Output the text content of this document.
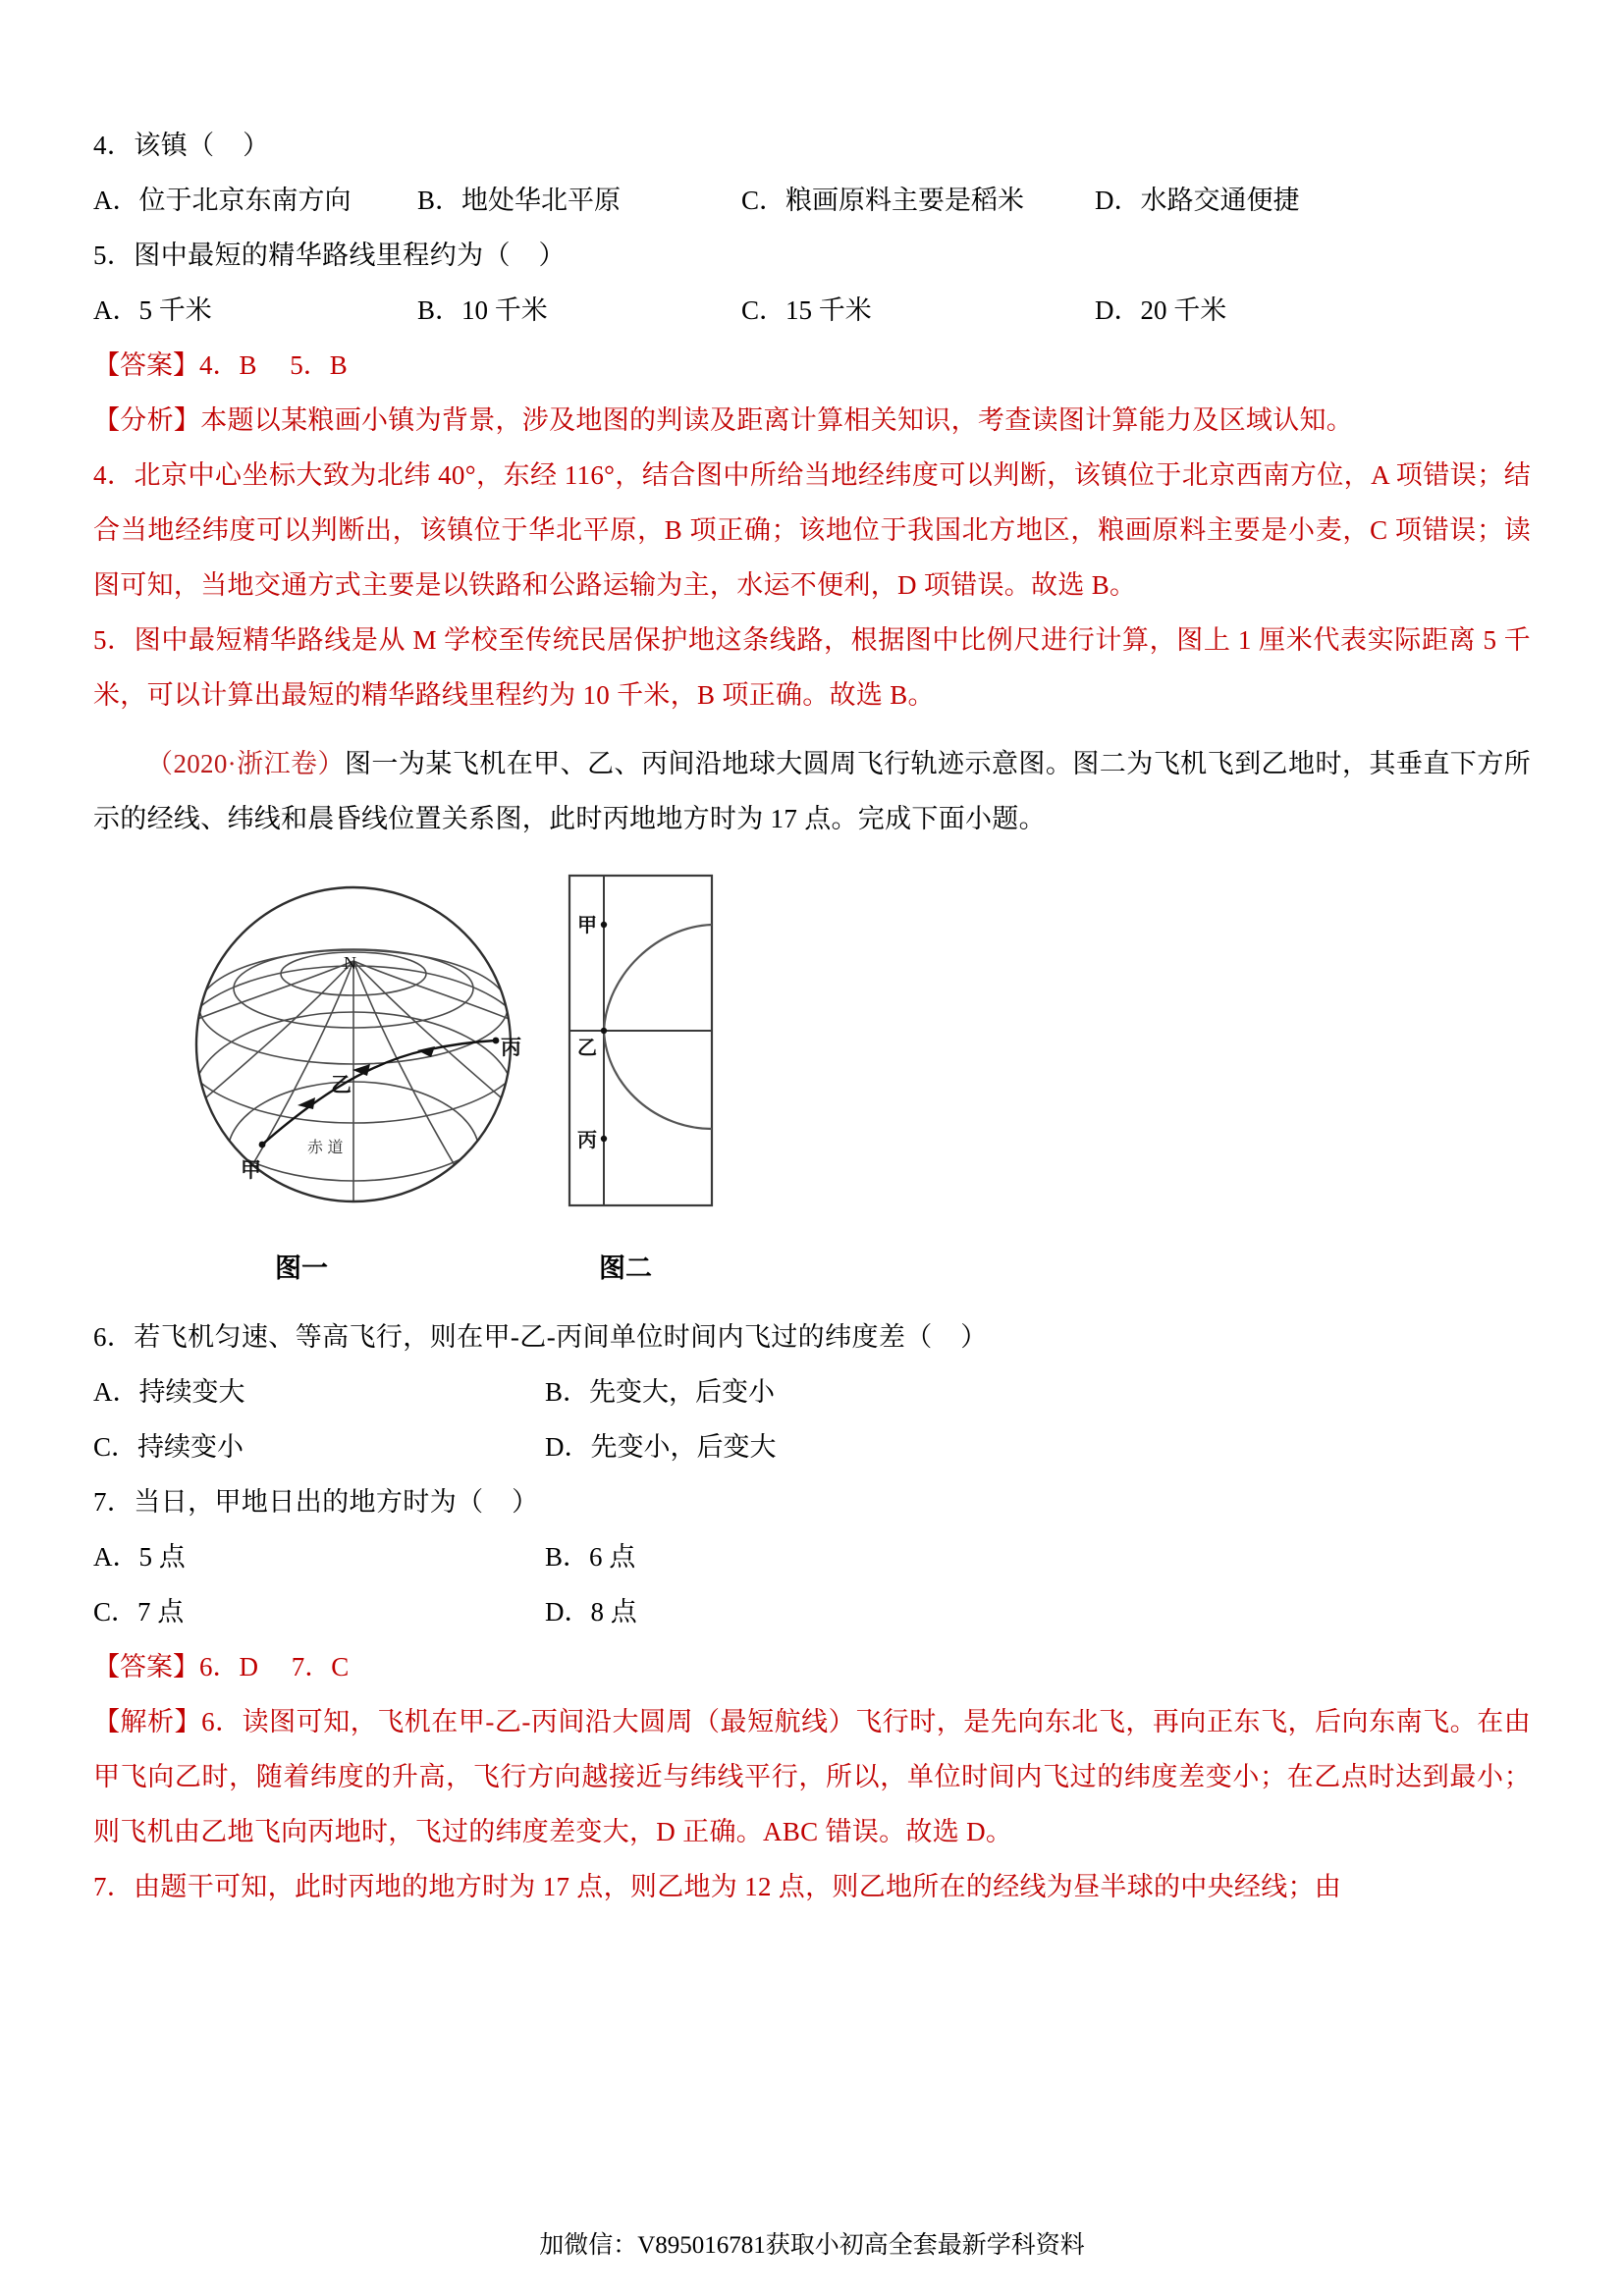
4．该镇（    ）
A．位于北京东南方向	B．地处华北平原	C．粮画原料主要是稻米	D．水路交通便捷
5．图中最短的精华路线里程约为（    ）
A．5 千米	B．10 千米	C．15 千米	D．20 千米
【答案】4．B　 5．B
【分析】本题以某粮画小镇为背景，涉及地图的判读及距离计算相关知识，考查读图计算能力及区域认知。
4．北京中心坐标大致为北纬 40°，东经 116°，结合图中所给当地经纬度可以判断，该镇位于北京西南方位，A 项错误；结合当地经纬度可以判断出，该镇位于华北平原，B 项正确；该地位于我国北方地区，粮画原料主要是小麦，C 项错误；读图可知，当地交通方式主要是以铁路和公路运输为主，水运不便利，D 项错误。故选 B。
5．图中最短精华路线是从 M 学校至传统民居保护地这条线路，根据图中比例尺进行计算，图上 1 厘米代表实际距离 5 千米，可以计算出最短的精华路线里程约为 10 千米，B 项正确。故选 B。
（2020·浙江卷）图一为某飞机在甲、乙、丙间沿地球大圆周飞行轨迹示意图。图二为飞机飞到乙地时，其垂直下方所示的经线、纬线和晨昏线位置关系图，此时丙地地方时为 17 点。完成下面小题。
N
甲
乙
丙
赤 道
甲
乙
丙
图一	图二
6．若飞机匀速、等高飞行，则在甲-乙-丙间单位时间内飞过的纬度差（    ）
A．持续变大	B．先变大，后变小
C．持续变小	D．先变小，后变大
7．当日，甲地日出的地方时为（    ）
A．5 点	B．6 点
C．7 点	D．8 点
【答案】6．D　 7．C
【解析】6．读图可知，飞机在甲-乙-丙间沿大圆周（最短航线）飞行时，是先向东北飞，再向正东飞，后向东南飞。在由甲飞向乙时，随着纬度的升高，飞行方向越接近与纬线平行，所以，单位时间内飞过的纬度差变小；在乙点时达到最小；则飞机由乙地飞向丙地时，飞过的纬度差变大，D 正确。ABC 错误。故选 D。
7．由题干可知，此时丙地的地方时为 17 点，则乙地为 12 点，则乙地所在的经线为昼半球的中央经线；由
加微信：V895016781获取小初高全套最新学科资料
